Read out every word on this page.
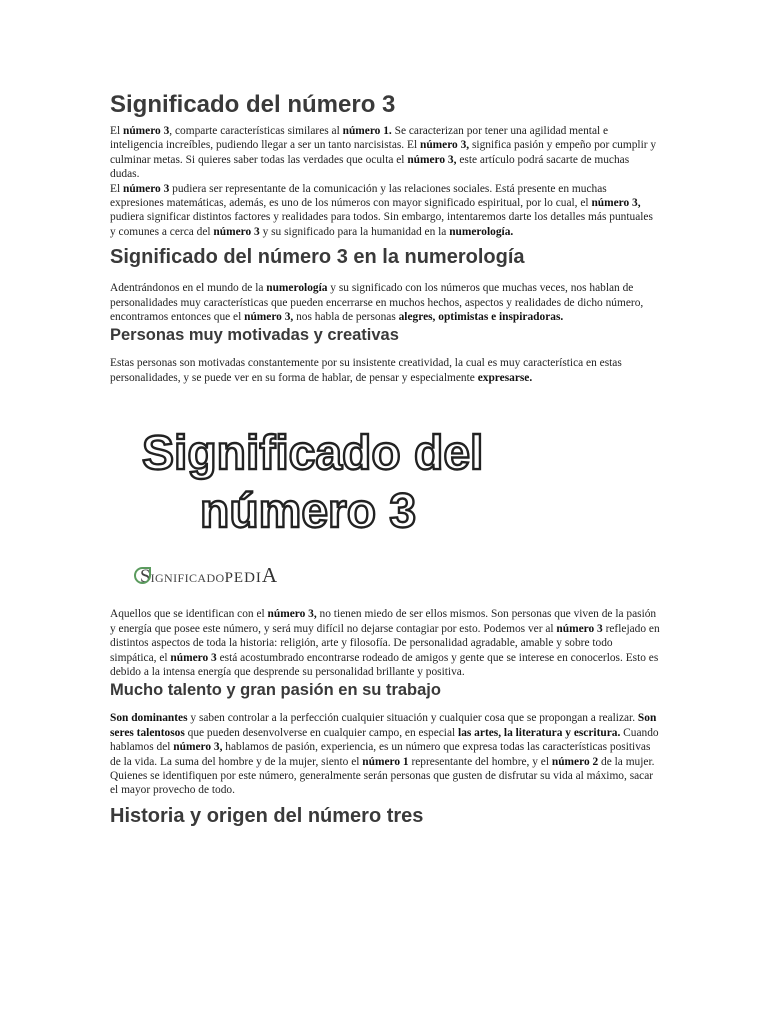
Significado del número 3

El número 3, comparte características similares al número 1. Se caracterizan por tener una agilidad mental e inteligencia increíbles, pudiendo llegar a ser un tanto narcisistas. El número 3, significa pasión y empeño por cumplir y culminar metas. Si quieres saber todas las verdades que oculta el número 3, este artículo podrá sacarte de muchas dudas.

El número 3 pudiera ser representante de la comunicación y las relaciones sociales. Está presente en muchas expresiones matemáticas, además, es uno de los números con mayor significado espiritual, por lo cual, el número 3, pudiera significar distintos factores y realidades para todos. Sin embargo, intentaremos darte los detalles más puntuales y comunes a cerca del número 3 y su significado para la humanidad en la numerología.

Significado del número 3 en la numerología

Adentrándonos en el mundo de la numerología y su significado con los números que muchas veces, nos hablan de personalidades muy características que pueden encerrarse en muchos hechos, aspectos y realidades de dicho número, encontramos entonces que el número 3, nos habla de personas alegres, optimistas e inspiradoras.

Personas muy motivadas y creativas

Estas personas son motivadas constantemente por su insistente creatividad, la cual es muy característica en estas personalidades, y se puede ver en su forma de hablar, de pensar y especialmente expresarse.

Significado del
número 3
S IGNIFICADO PEDI A

Aquellos que se identifican con el número 3, no tienen miedo de ser ellos mismos. Son personas que viven de la pasión y energía que posee este número, y será muy difícil no dejarse contagiar por esto. Podemos ver al número 3 reflejado en distintos aspectos de toda la historia: religión, arte y filosofía. De personalidad agradable, amable y sobre todo simpática, el número 3 está acostumbrado encontrarse rodeado de amigos y gente que se interese en conocerlos. Esto es debido a la intensa energía que desprende su personalidad brillante y positiva.

Mucho talento y gran pasión en su trabajo

Son dominantes y saben controlar a la perfección cualquier situación y cualquier cosa que se propongan a realizar. Son seres talentosos que pueden desenvolverse en cualquier campo, en especial las artes, la literatura y escritura. Cuando hablamos del número 3, hablamos de pasión, experiencia, es un número que expresa todas las características positivas de la vida. La suma del hombre y de la mujer, siento el número 1 representante del hombre, y el número 2 de la mujer. Quienes se identifiquen por este número, generalmente serán personas que gusten de disfrutar su vida al máximo, sacar el mayor provecho de todo.

Historia y origen del número tres
